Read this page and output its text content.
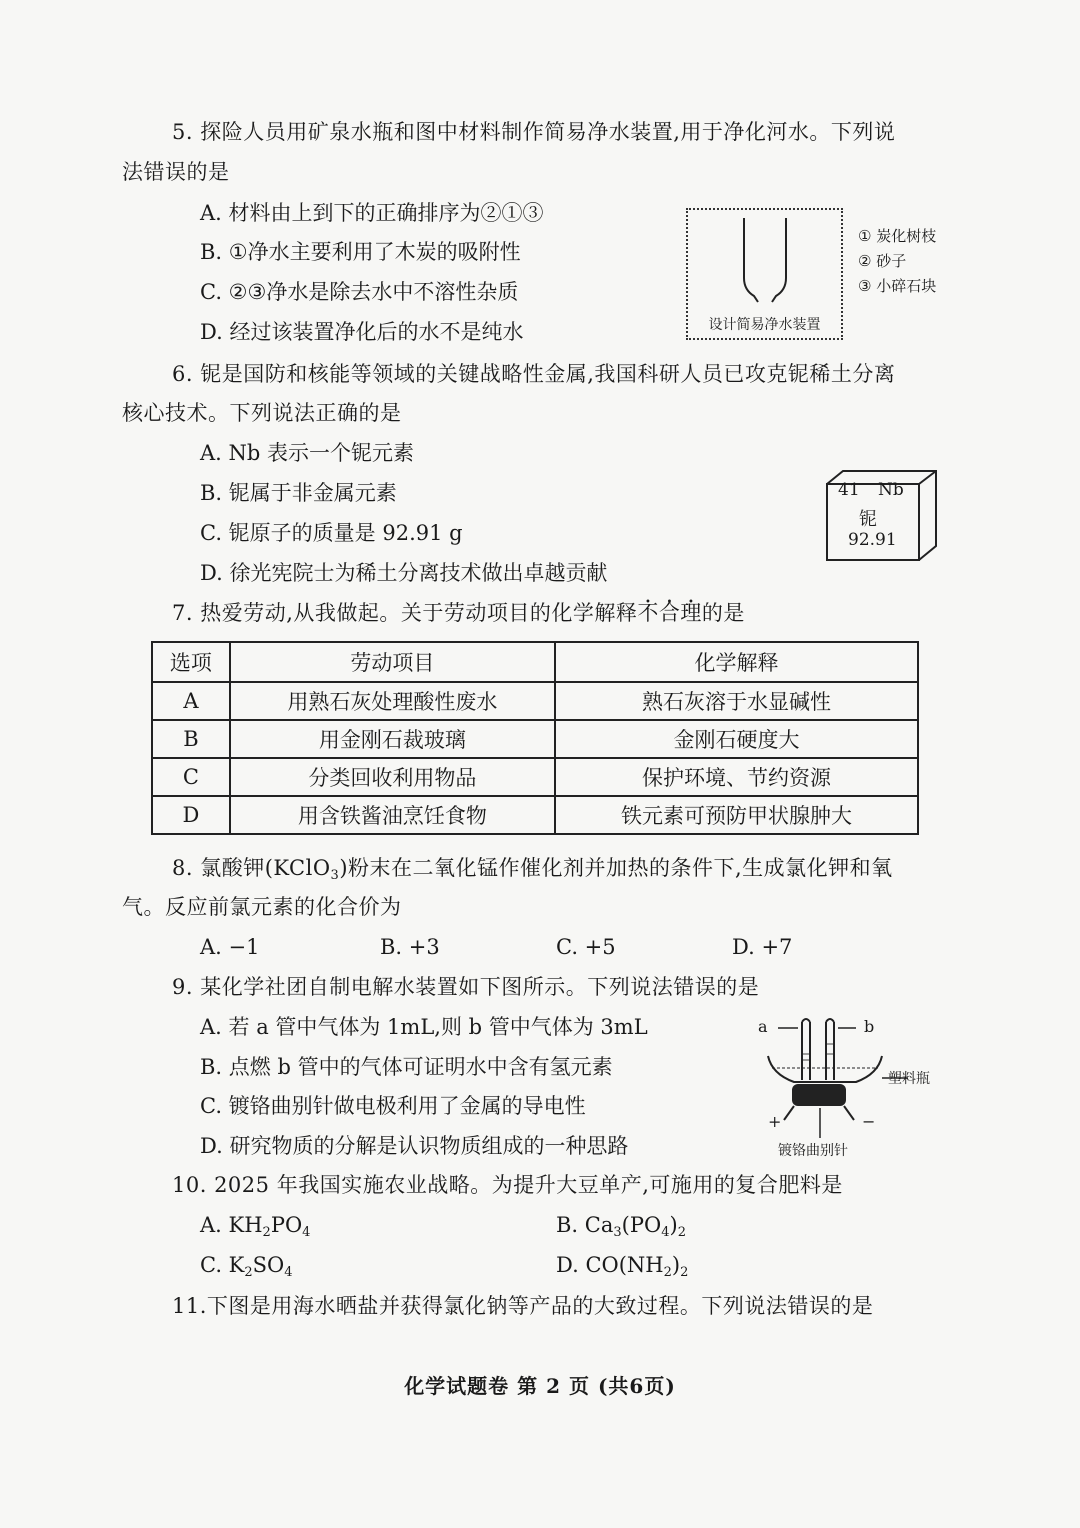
5. 探险人员用矿泉水瓶和图中材料制作简易净水装置,用于净化河水。下列说
法错误的是
A. 材料由上到下的正确排序为②①③
B. ①净水主要利用了木炭的吸附性
C. ②③净水是除去水中不溶性杂质
D. 经过该装置净化后的水不是纯水	设计简易净水装置
① 炭化树枝
② 砂子
③ 小碎石块
6. 铌是国防和核能等领域的关键战略性金属,我国科研人员已攻克铌稀土分离
核心技术。下列说法正确的是
A. Nb 表示一个铌元素
B. 铌属于非金属元素
C. 铌原子的质量是 92.91 g
D. 徐光宪院士为稀土分离技术做出卓越贡献
41 Nb
铌
92.91
7. 热爱劳动,从我做起。关于劳动项目的化学解释不合理的是
选项	劳动项目	化学解释
A	用熟石灰处理酸性废水	熟石灰溶于水显碱性
B	用金刚石裁玻璃	金刚石硬度大
C	分类回收利用物品	保护环境、节约资源
D	用含铁酱油烹饪食物	铁元素可预防甲状腺肿大
8. 氯酸钾(KClO$_3$)粉末在二氧化锰作催化剂并加热的条件下,生成氯化钾和氧
气。反应前氯元素的化合价为
A. −1	B. +3	C. +5	D. +7
9. 某化学社团自制电解水装置如下图所示。下列说法错误的是
A. 若 a 管中气体为 1mL,则 b 管中气体为 3mL
B. 点燃 b 管中的气体可证明水中含有氢元素
C. 镀铬曲别针做电极利用了金属的导电性
D. 研究物质的分解是认识物质组成的一种思路
a	b
塑料瓶
+	−
镀铬曲别针
10. 2025 年我国实施农业战略。为提升大豆单产,可施用的复合肥料是
A. $KH_2PO_4$	B. $Ca_3(PO_4)_2$
C. $K_2SO_4$	D. $CO(NH_2)_2$
11.下图是用海水晒盐并获得氯化钠等产品的大致过程。下列说法错误的是
化学试题卷 第 2 页 (共6页)
